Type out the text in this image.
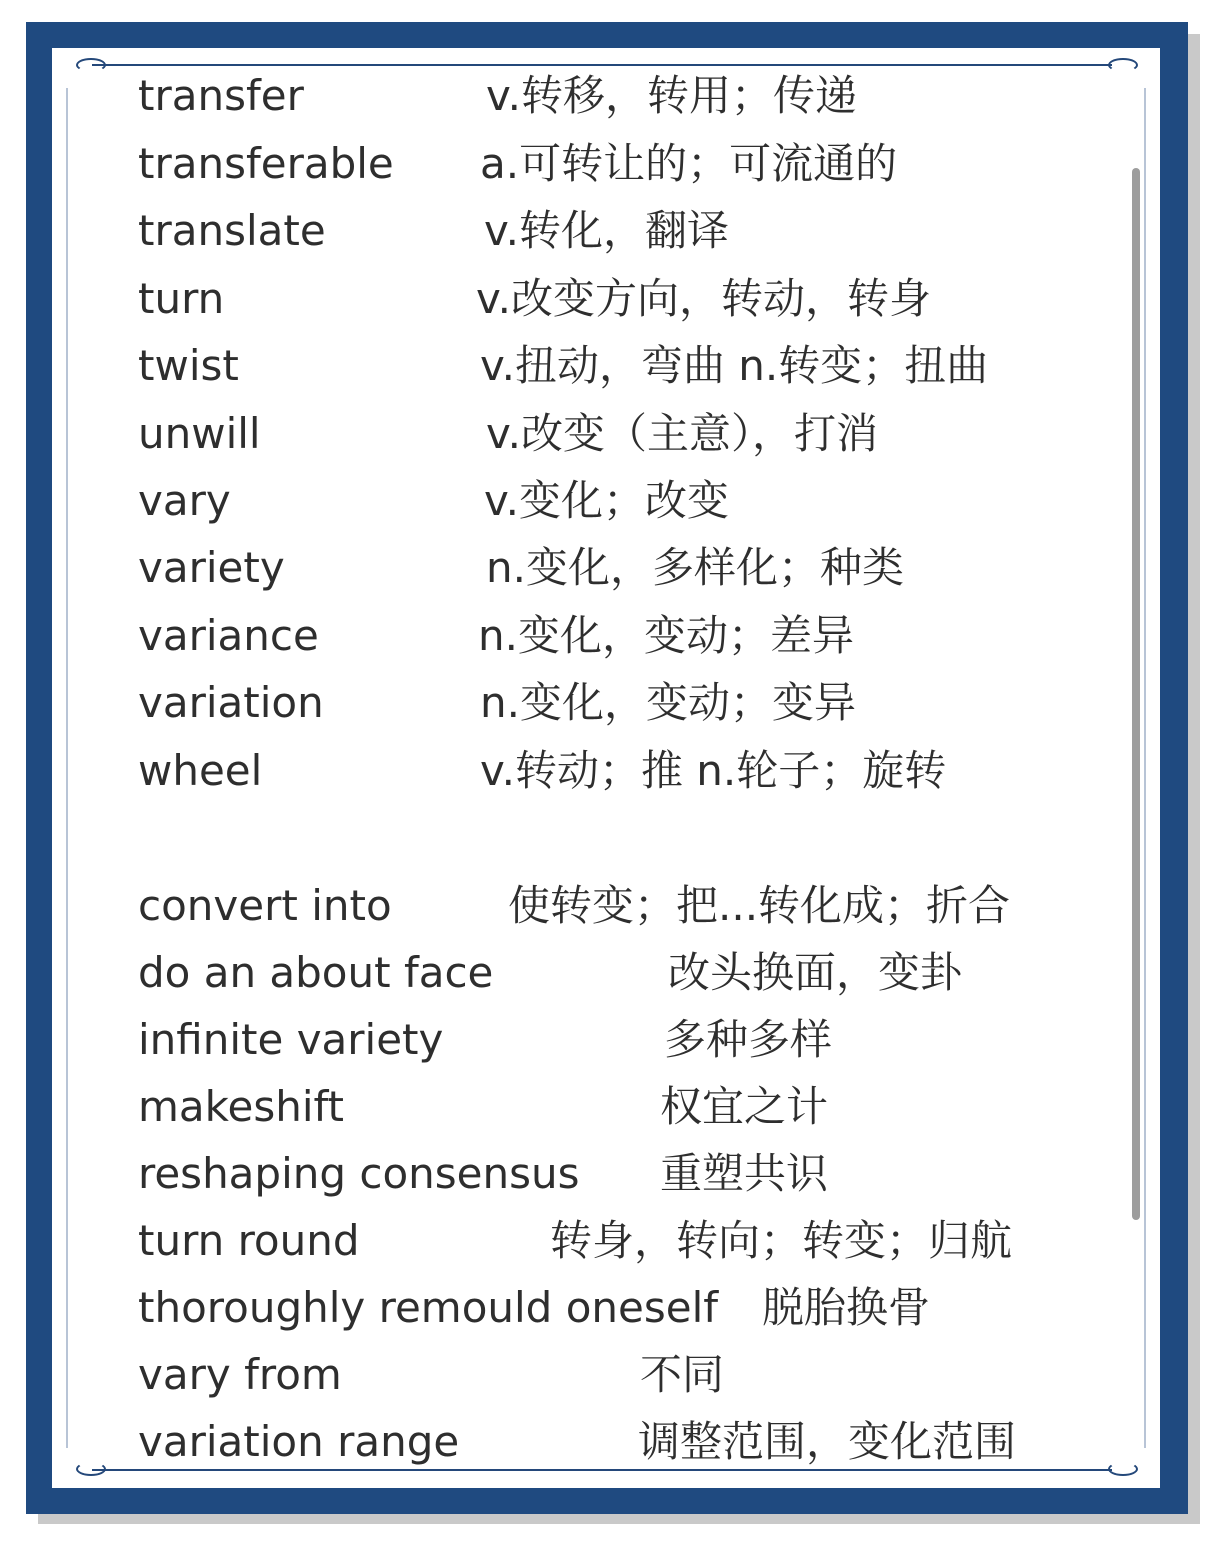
transfer	v.转移，转用；传递
transferable a.可转让的；可流通的
translate	v.转化，翻译
turn	v.改变方向，转动，转身
twist	v.扭动，弯曲 n.转变；扭曲
unwill	v.改变（主意），打消
vary	v.变化；改变
variety	n.变化，多样化；种类
variance	n.变化，变动；差异
variation	n.变化，变动；变异
wheel	v.转动；推 n.轮子；旋转
convert into	使转变；把...转化成；折合
do an about face	改头换面，变卦
infinite variety	多种多样
makeshift	权宜之计
reshaping consensus 重塑共识
turn round	转身，转向；转变；归航
thoroughly remould oneself 脱胎换骨
vary from	不同
variation range	调整范围，变化范围
